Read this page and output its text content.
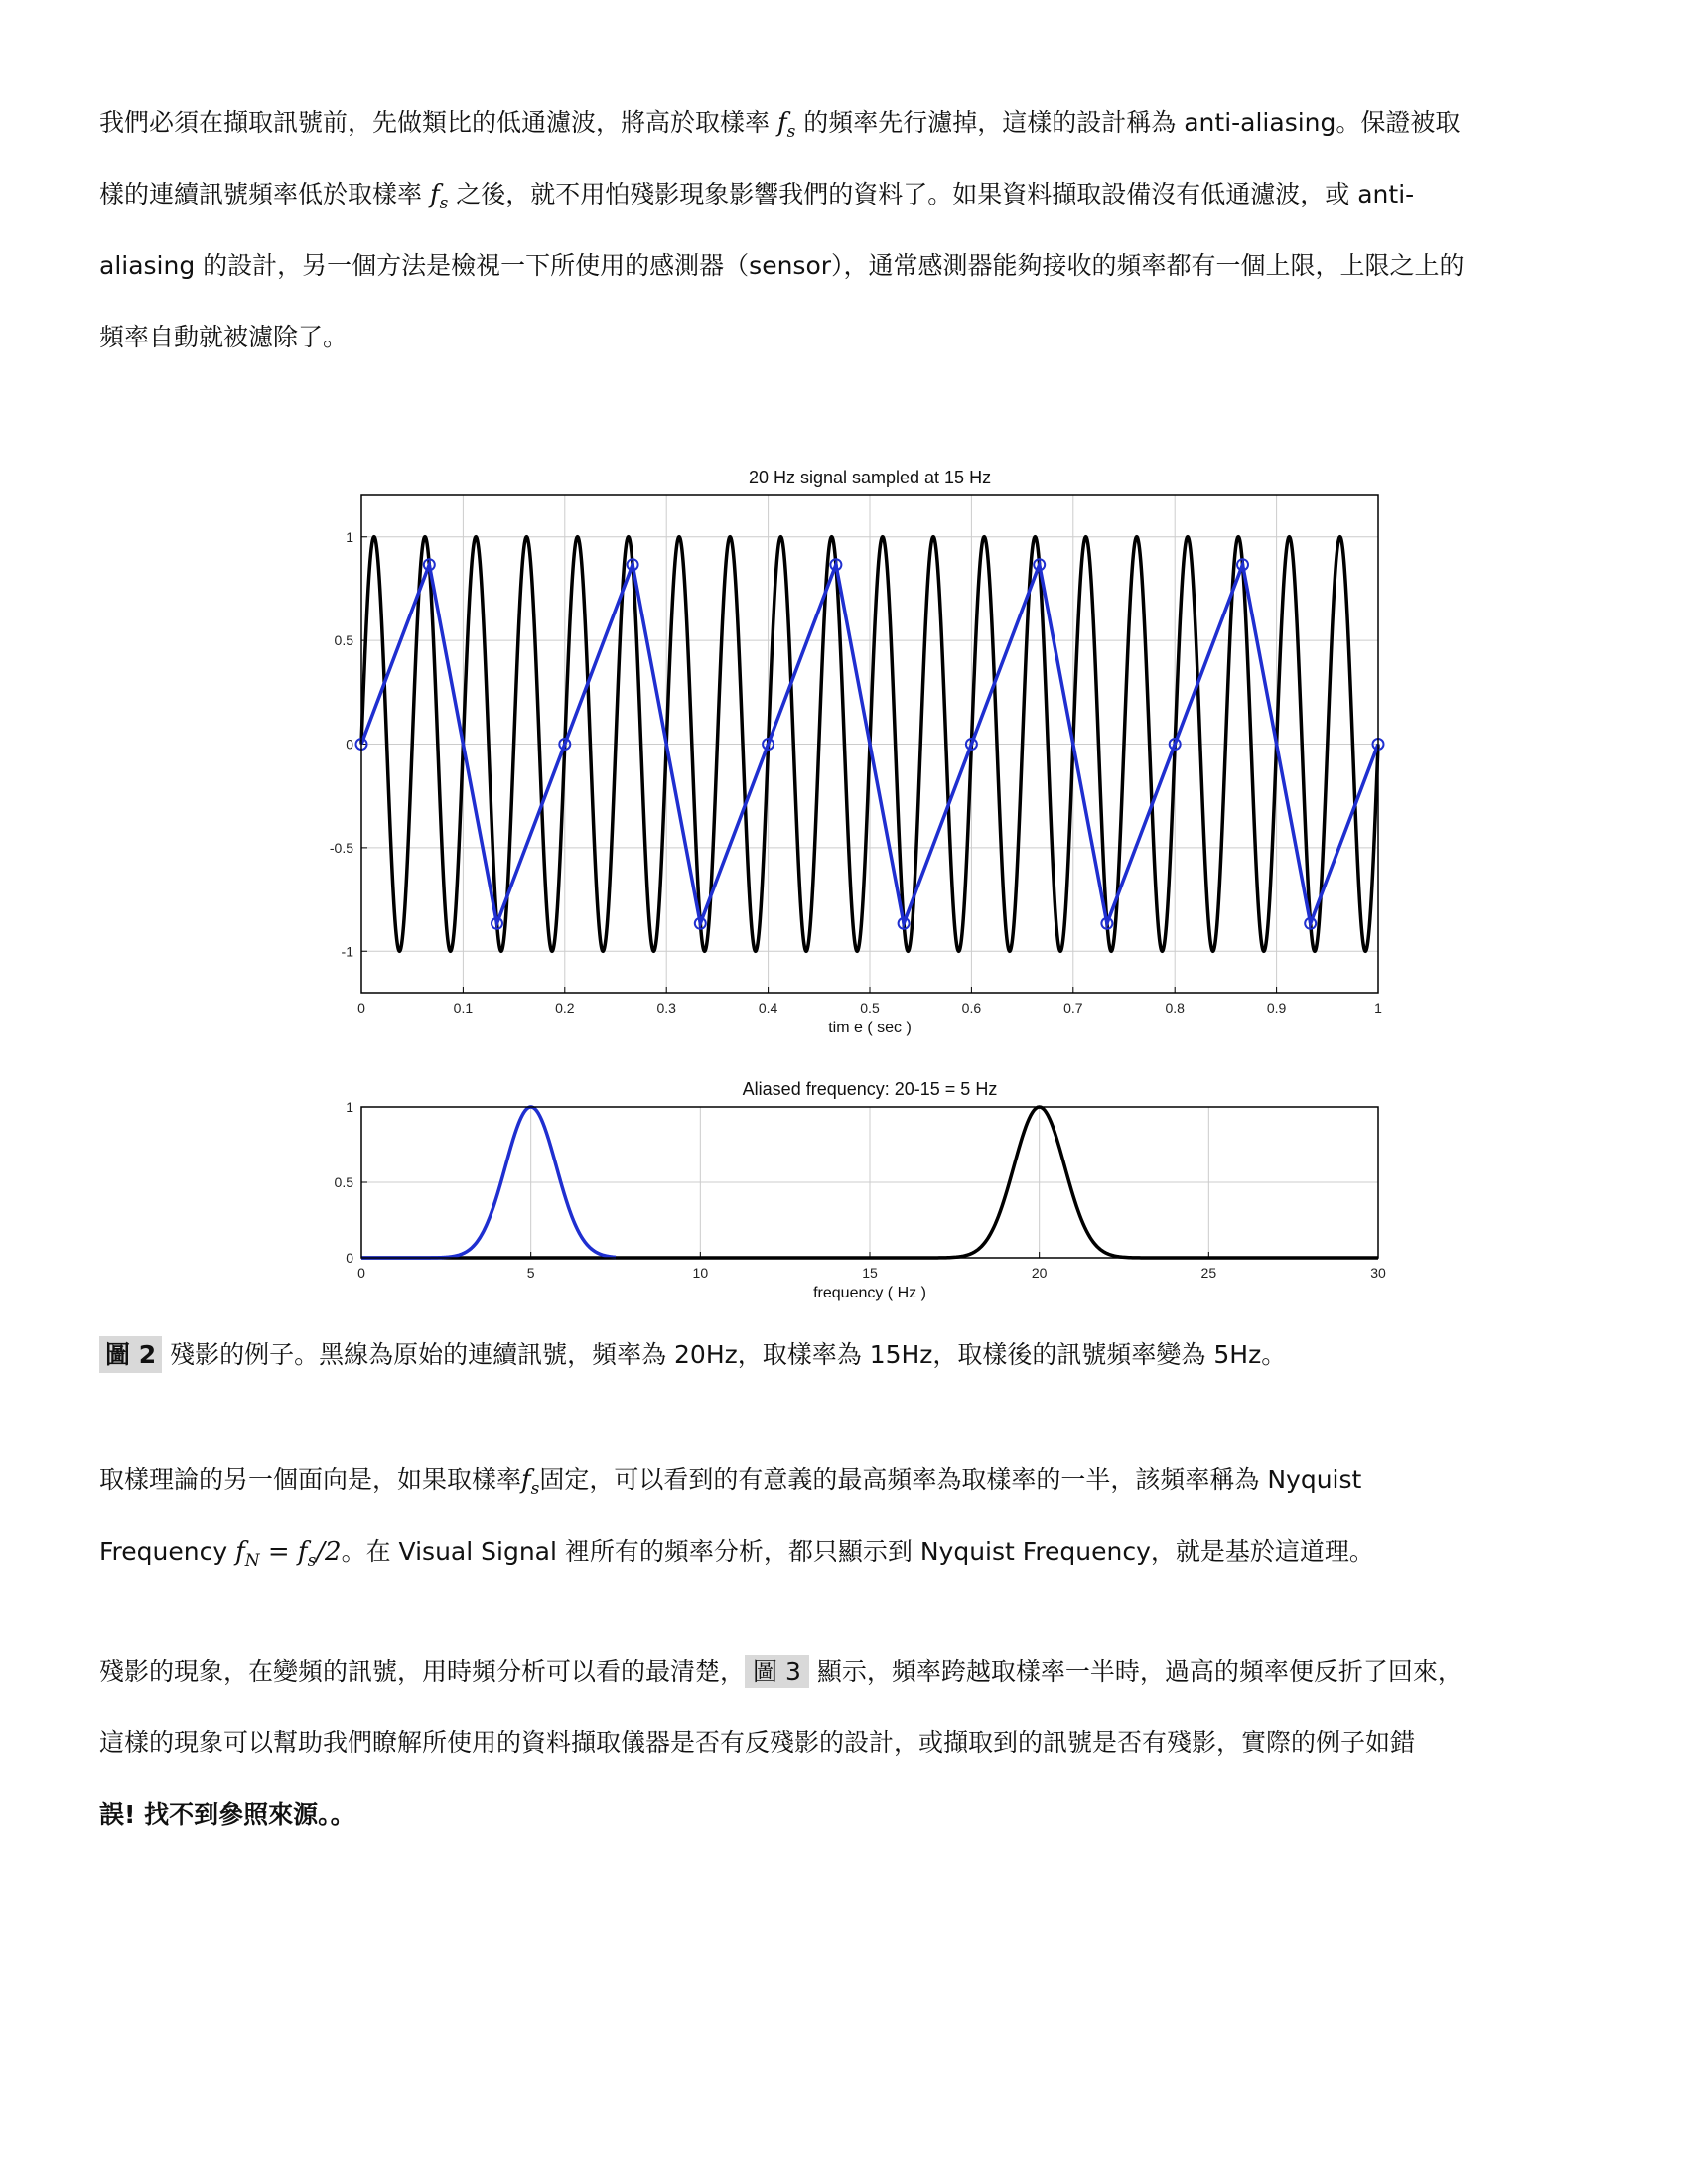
我們必須在擷取訊號前，先做類比的低通濾波，將高於取樣率 $f_s$ 的頻率先行濾掉，這樣的設計稱為 anti-aliasing。保證被取
樣的連續訊號頻率低於取樣率 $f_s$ 之後，就不用怕殘影現象影響我們的資料了。如果資料擷取設備沒有低通濾波，或 anti-
aliasing 的設計，另一個方法是檢視一下所使用的感測器（sensor），通常感測器能夠接收的頻率都有一個上限，上限之上的
頻率自動就被濾除了。
0	0.1	0.2	0.3	0.4	0.5	0.6	0.7	0.8	0.9	1
-1
-0.5
0
0.5
1
20 Hz signal sampled at 15 Hz
tim e ( sec )
0	5	10	15	20	25	30
0
0.5
1
Aliased frequency: 20-15 = 5 Hz
frequency ( Hz )
圖 2 殘影的例子。黑線為原始的連續訊號，頻率為 20Hz，取樣率為 15Hz，取樣後的訊號頻率變為 5Hz。
取樣理論的另一個面向是，如果取樣率$f_s$固定，可以看到的有意義的最高頻率為取樣率的一半，該頻率稱為 Nyquist
Frequency $f_N = f_s/2$。在 Visual Signal 裡所有的頻率分析，都只顯示到 Nyquist Frequency，就是基於這道理。
殘影的現象，在變頻的訊號，用時頻分析可以看的最清楚， 圖 3 顯示，頻率跨越取樣率一半時，過高的頻率便反折了回來，
這樣的現象可以幫助我們瞭解所使用的資料擷取儀器是否有反殘影的設計，或擷取到的訊號是否有殘影，實際的例子如錯
誤! 找不到參照來源。。
